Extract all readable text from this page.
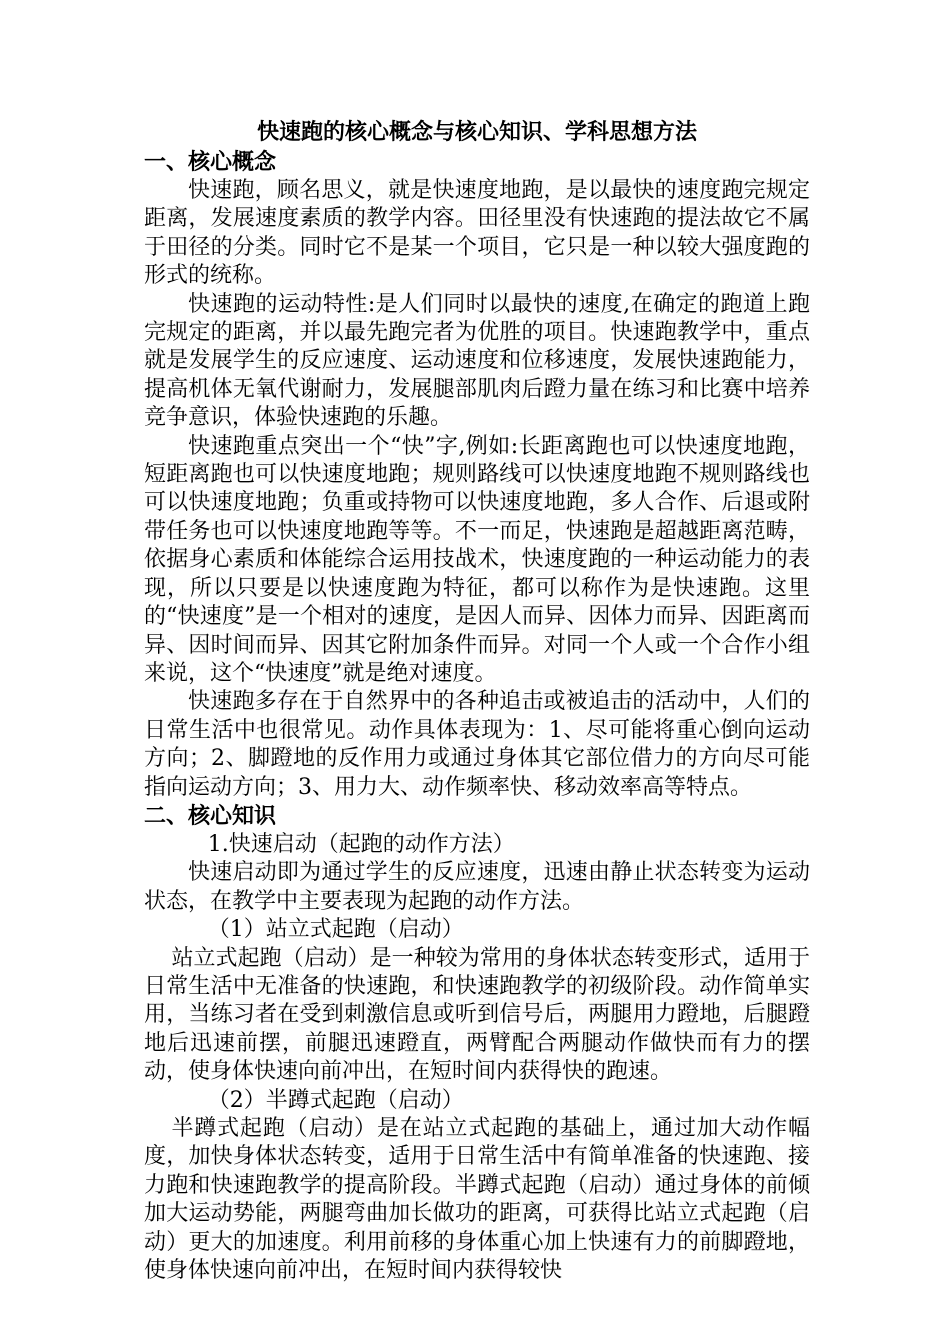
快速跑的核心概念与核心知识、学科思想方法
一、核心概念

快速跑，顾名思义，就是快速度地跑，是以最快的速度跑完规定距离，发展速度素质的教学内容。田径里没有快速跑的提法故它不属于田径的分类。同时它不是某一个项目，它只是一种以较大强度跑的形式的统称。

快速跑的运动特性:是人们同时以最快的速度,在确定的跑道上跑完规定的距离，并以最先跑完者为优胜的项目。快速跑教学中，重点就是发展学生的反应速度、运动速度和位移速度，发展快速跑能力，提高机体无氧代谢耐力，发展腿部肌肉后蹬力量在练习和比赛中培养竞争意识，体验快速跑的乐趣。

快速跑重点突出一个“快”字,例如:长距离跑也可以快速度地跑，短距离跑也可以快速度地跑；规则路线可以快速度地跑不规则路线也可以快速度地跑；负重或持物可以快速度地跑，多人合作、后退或附带任务也可以快速度地跑等等。不一而足，快速跑是超越距离范畴，依据身心素质和体能综合运用技战术，快速度跑的一种运动能力的表现，所以只要是以快速度跑为特征，都可以称作为是快速跑。这里的“快速度”是一个相对的速度，是因人而异、因体力而异、因距离而异、因时间而异、因其它附加条件而异。对同一个人或一个合作小组来说，这个“快速度”就是绝对速度。

快速跑多存在于自然界中的各种追击或被追击的活动中，人们的日常生活中也很常见。动作具体表现为：1、尽可能将重心倒向运动方向；2、脚蹬地的反作用力或通过身体其它部位借力的方向尽可能指向运动方向；3、用力大、动作频率快、移动效率高等特点。

二、核心知识

1.快速启动（起跑的动作方法）

快速启动即为通过学生的反应速度，迅速由静止状态转变为运动状态，在教学中主要表现为起跑的动作方法。

（1）站立式起跑（启动）

站立式起跑（启动）是一种较为常用的身体状态转变形式，适用于日常生活中无准备的快速跑，和快速跑教学的初级阶段。动作简单实用，当练习者在受到刺激信息或听到信号后，两腿用力蹬地，后腿蹬地后迅速前摆，前腿迅速蹬直，两臂配合两腿动作做快而有力的摆动，使身体快速向前冲出，在短时间内获得快的跑速。

（2）半蹲式起跑（启动）

半蹲式起跑（启动）是在站立式起跑的基础上，通过加大动作幅度，加快身体状态转变，适用于日常生活中有简单准备的快速跑、接力跑和快速跑教学的提高阶段。半蹲式起跑（启动）通过身体的前倾加大运动势能，两腿弯曲加长做功的距离，可获得比站立式起跑（启动）更大的加速度。利用前移的身体重心加上快速有力的前脚蹬地，使身体快速向前冲出，在短时间内获得较快
